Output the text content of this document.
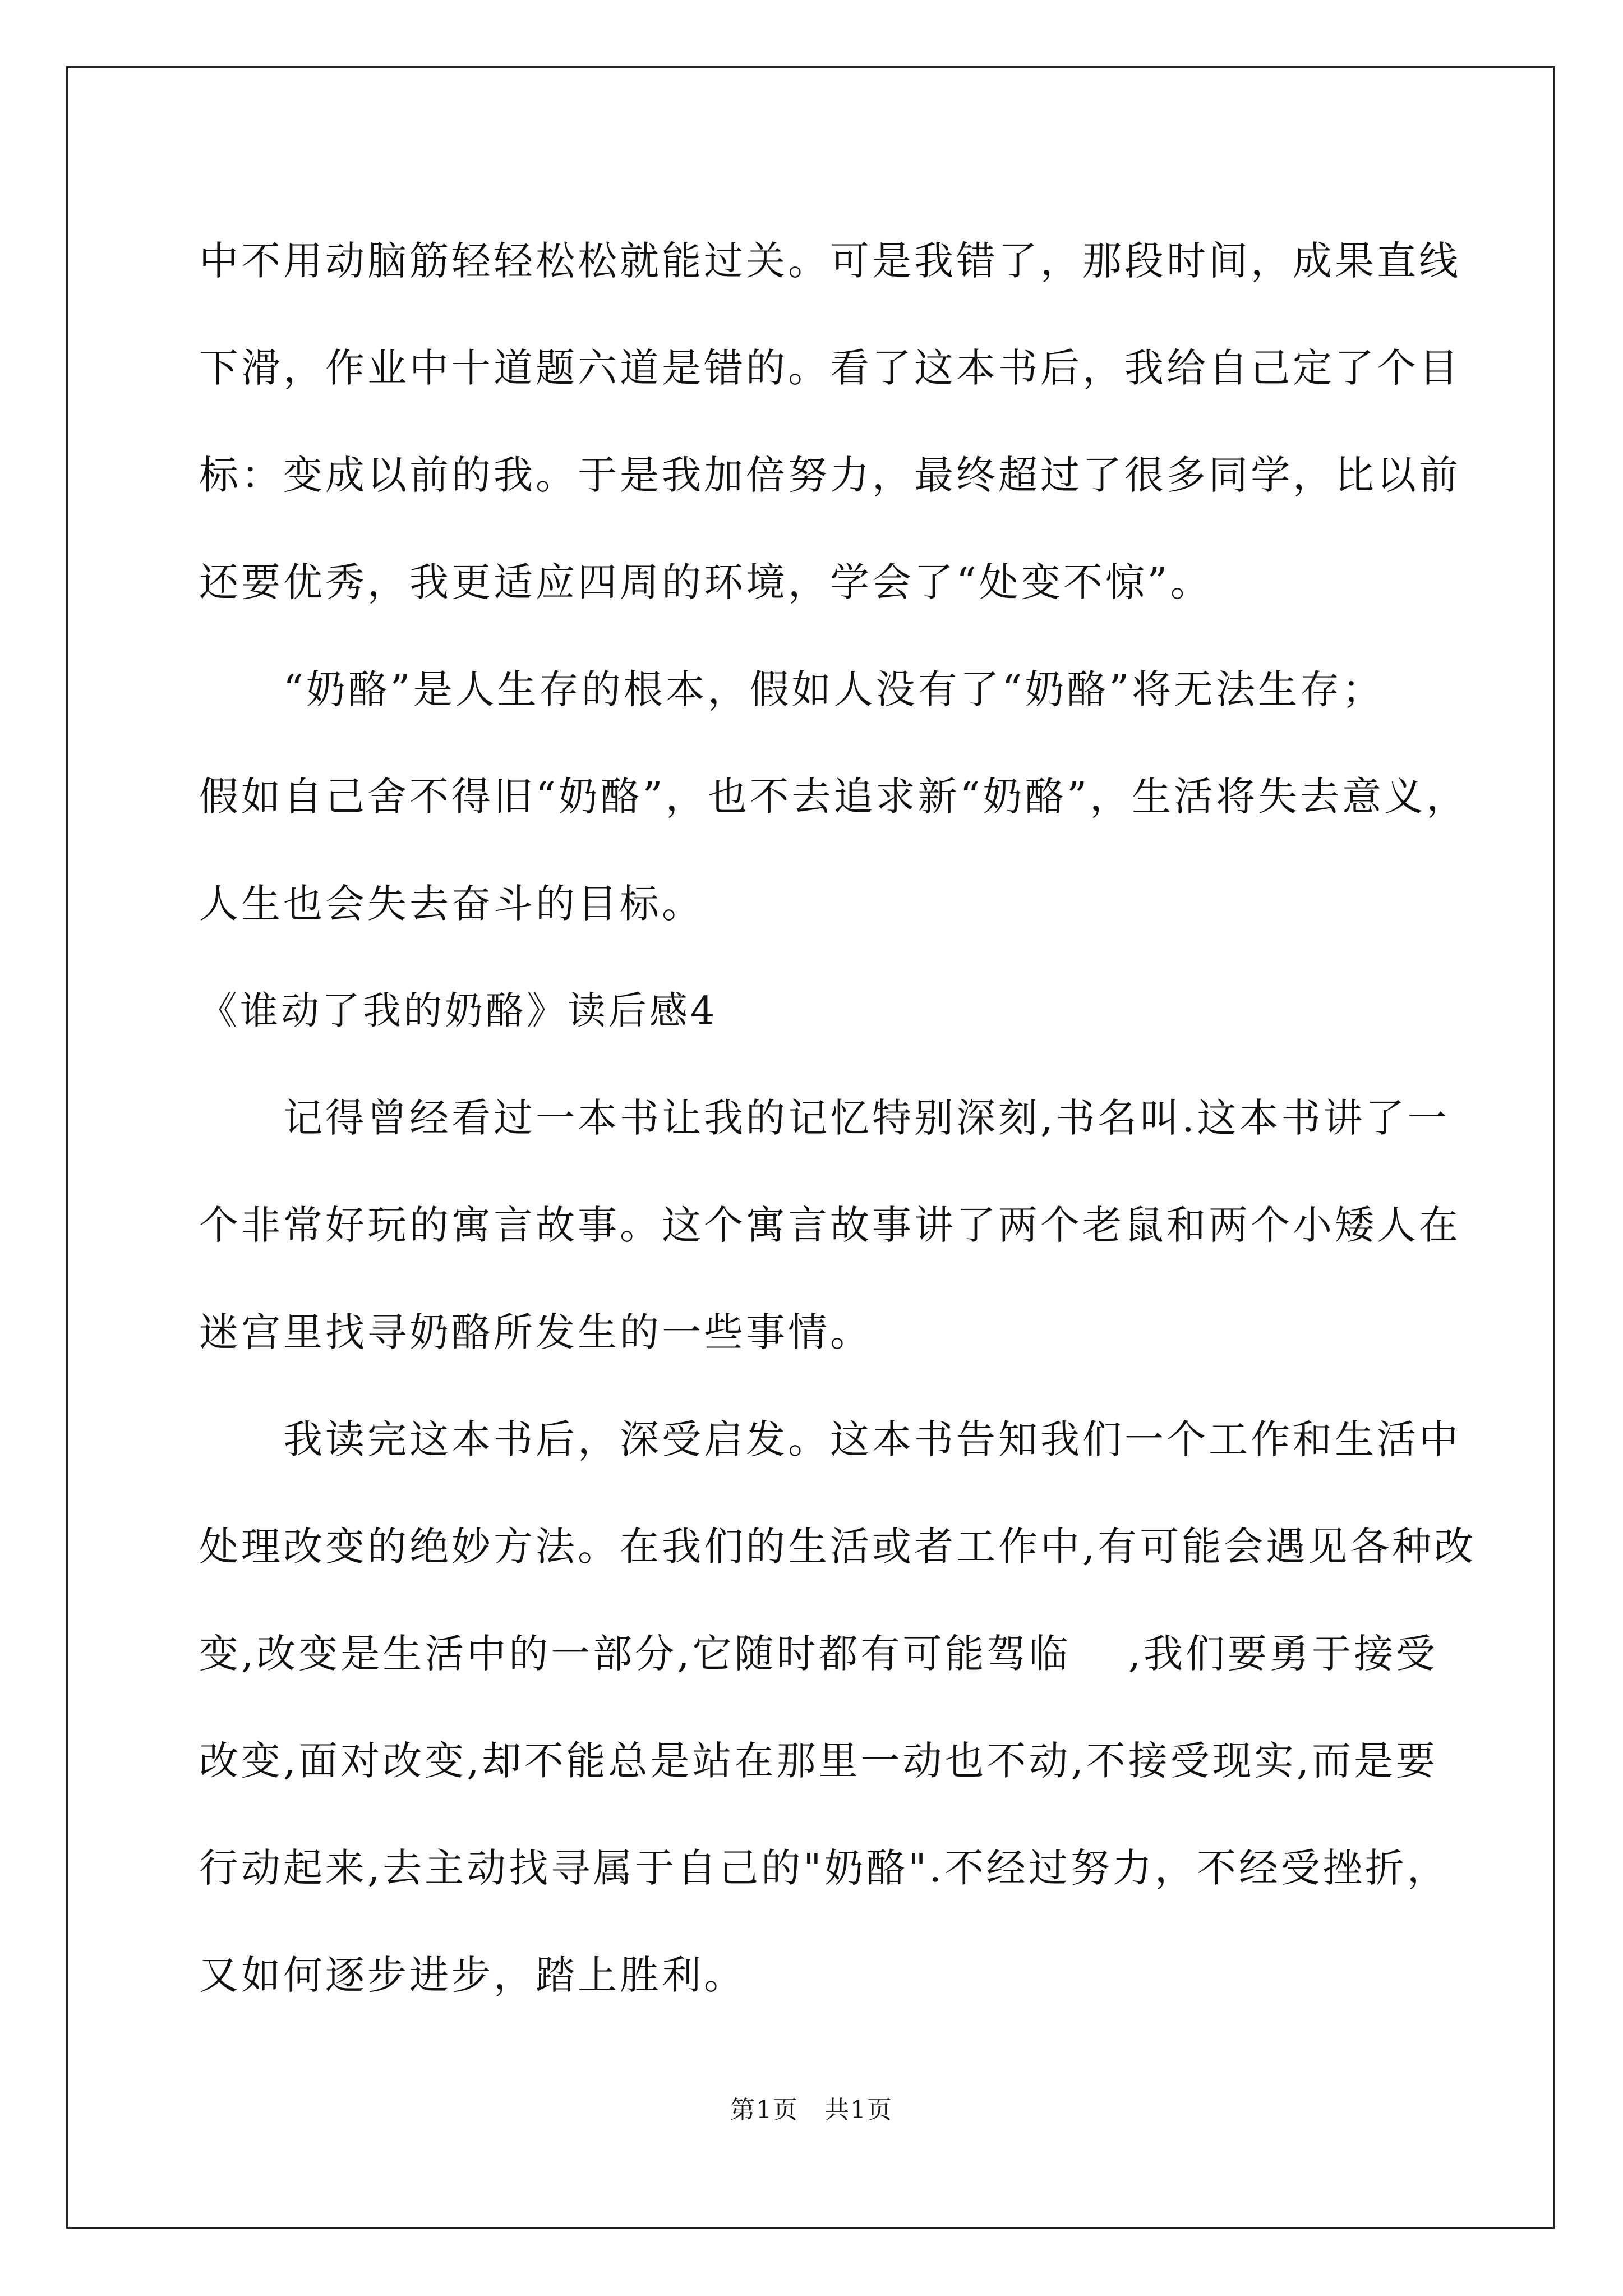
中不用动脑筋轻轻松松就能过关。可是我错了，那段时间，成果直线
下滑，作业中十道题六道是错的。看了这本书后，我给自己定了个目
标：变成以前的我。于是我加倍努力，最终超过了很多同学，比以前
还要优秀，我更适应四周的环境，学会了“处变不惊”。
“奶酪”是人生存的根本，假如人没有了“奶酪”将无法生存；
假如自己舍不得旧“奶酪”，也不去追求新“奶酪”，生活将失去意义，
人生也会失去奋斗的目标。
《谁动了我的奶酪》读后感4
记得曾经看过一本书让我的记忆特别深刻,书名叫.这本书讲了一
个非常好玩的寓言故事。这个寓言故事讲了两个老鼠和两个小矮人在
迷宫里找寻奶酪所发生的一些事情。
我读完这本书后，深受启发。这本书告知我们一个工作和生活中
处理改变的绝妙方法。在我们的生活或者工作中,有可能会遇见各种改
变,改变是生活中的一部分,它随时都有可能驾临　 ,我们要勇于接受
改变,面对改变,却不能总是站在那里一动也不动,不接受现实,而是要
行动起来,去主动找寻属于自己的"奶酪".不经过努力，不经受挫折，
又如何逐步进步，踏上胜利。
第1页　共1页
